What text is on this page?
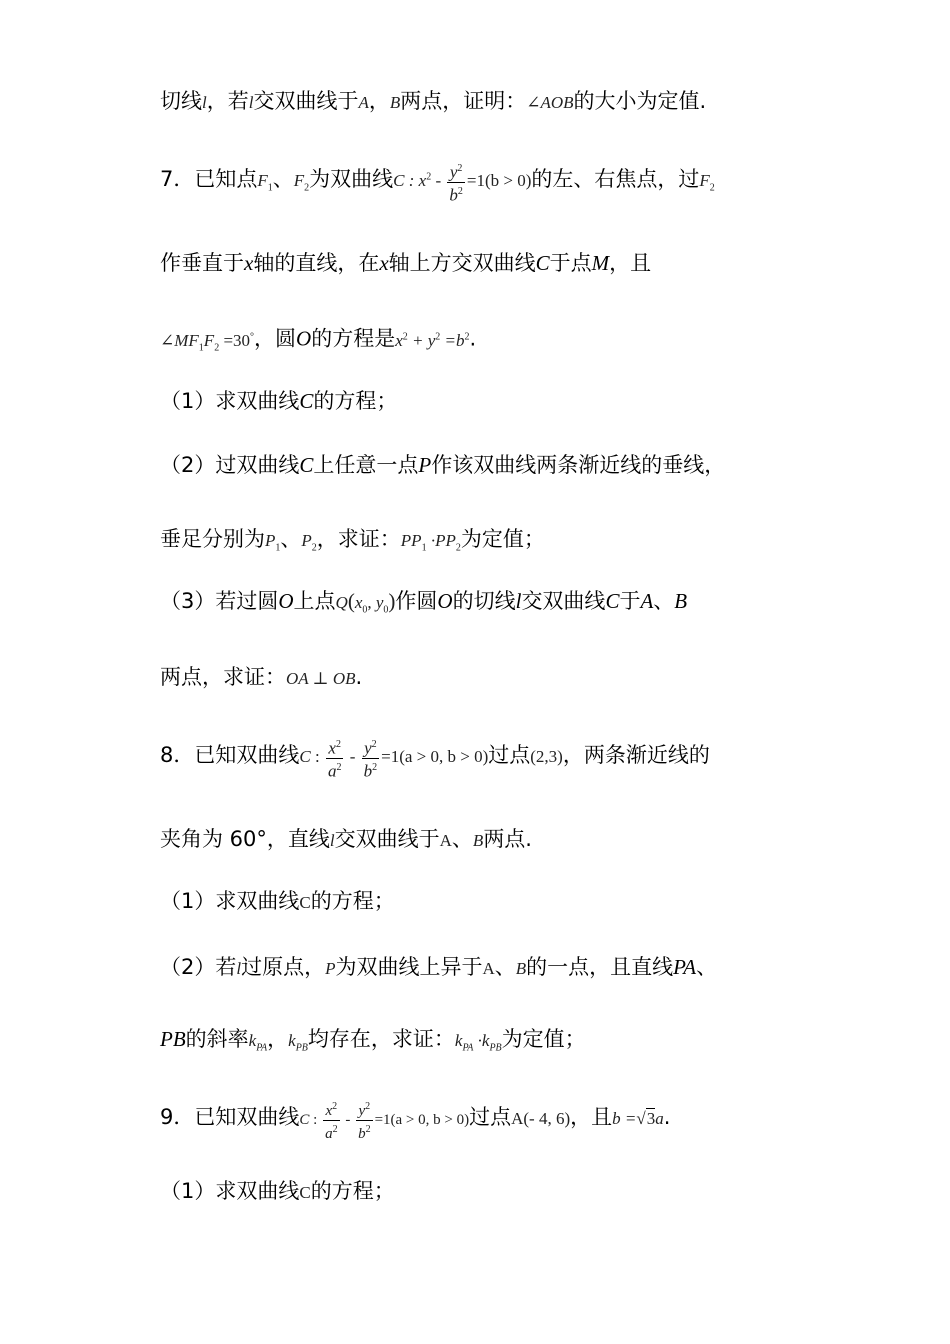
切线l，若l交双曲线于A，B两点，证明：∠AOB的大小为定值.
7．已知点$F_1$、$F_2$为双曲线C : $x^2 - \frac{y^2}{b^2} =1(b > 0)$的左、右焦点，过$F_2$
作垂直于x轴的直线，在x轴上方交双曲线C于点M，且
$\angle MF_1F_2 =30^\circ$，圆O的方程是$x^2 + y^2 =b^2$.
（1）求双曲线C的方程；
（2）过双曲线C上任意一点P作该双曲线两条渐近线的垂线，
垂足分别为$P_1$、$P_2$，求证：$PP_1 \cdot PP_2$为定值；
（3）若过圆O上点$Q(x_0$, $y_0$)作圆O的切线l交双曲线C于A、B
两点，求证：OA ⊥ OB.
8．已知双曲线C : $\frac{x^2}{a^2} - \frac{y^2}{b^2} =1(a > 0$, b > 0)过点(2,3)，两条渐近线的
夹角为 60°，直线l交双曲线于A、B两点.
（1）求双曲线C的方程；
（2）若l过原点，P为双曲线上异于A、B的一点，且直线PA、
PB的斜率$k_{PA}$，$k_{PB}$均存在，求证：$k_{PA} \cdot k_{PB}$为定值；
9．已知双曲线C : $\frac{x^2}{a^2} - \frac{y^2}{b^2} =1(a > 0$, b > 0)过点A(- 4, 6)，且b =√3a.
（1）求双曲线C的方程；
